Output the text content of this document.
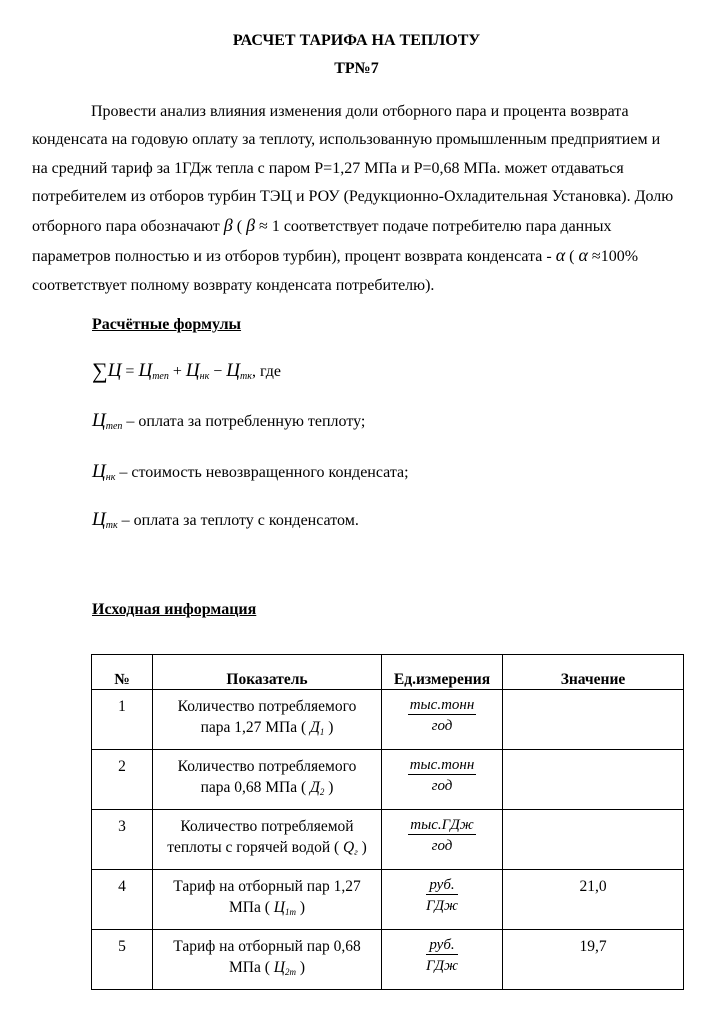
РАСЧЕТ ТАРИФА НА ТЕПЛОТУ
ТР№7
Провести анализ влияния изменения доли отборного пара и процента возврата
конденсата на годовую оплату за теплоту, использованную промышленным предприятием и
на средний тариф за 1ГДж тепла с паром Р=1,27 МПа и Р=0,68 МПа. может отдаваться
потребителем из отборов турбин ТЭЦ и РОУ (Редукционно-Охладительная Установка). Долю
отборного пара обозначают β ( β ≈ 1 соответствует подаче потребителю пара данных
параметров полностью и из отборов турбин), процент возврата конденсата - α ( α ≈100%
соответствует полному возврату конденсата потребителю).
Расчётные формулы
$\sum Ц = Ц_{теп} + Ц_{нк} - Ц_{тк}$, где
$Ц_{теп}$ – оплата за потребленную теплоту;
$Ц_{нк}$ – стоимость невозвращенного конденсата;
$Ц_{тк}$ – оплата за теплоту с конденсатом.
Исходная информация
№	Показатель	Ед.измерения	Значение

1	Количество потребляемого
пара 1,27 МПа ( $Д_1$ )	$\frac{\text{тыс.тонн}}{\text{год}}$

2	Количество потребляемого
пара 0,68 МПа ( $Д_2$ )	$\frac{\text{тыс.тонн}}{\text{год}}$

3	Количество потребляемой
теплоты с горячей водой ( $Q_г$ )	$\frac{\text{тыс.ГДж}}{\text{год}}$

4	Тариф на отборный пар 1,27
МПа ( $Ц_{1т}$ )	$\frac{\text{руб.}}{\text{ГДж}}$	21,0

5	Тариф на отборный пар 0,68
МПа ( $Ц_{2т}$ )	$\frac{\text{руб.}}{\text{ГДж}}$	19,7
